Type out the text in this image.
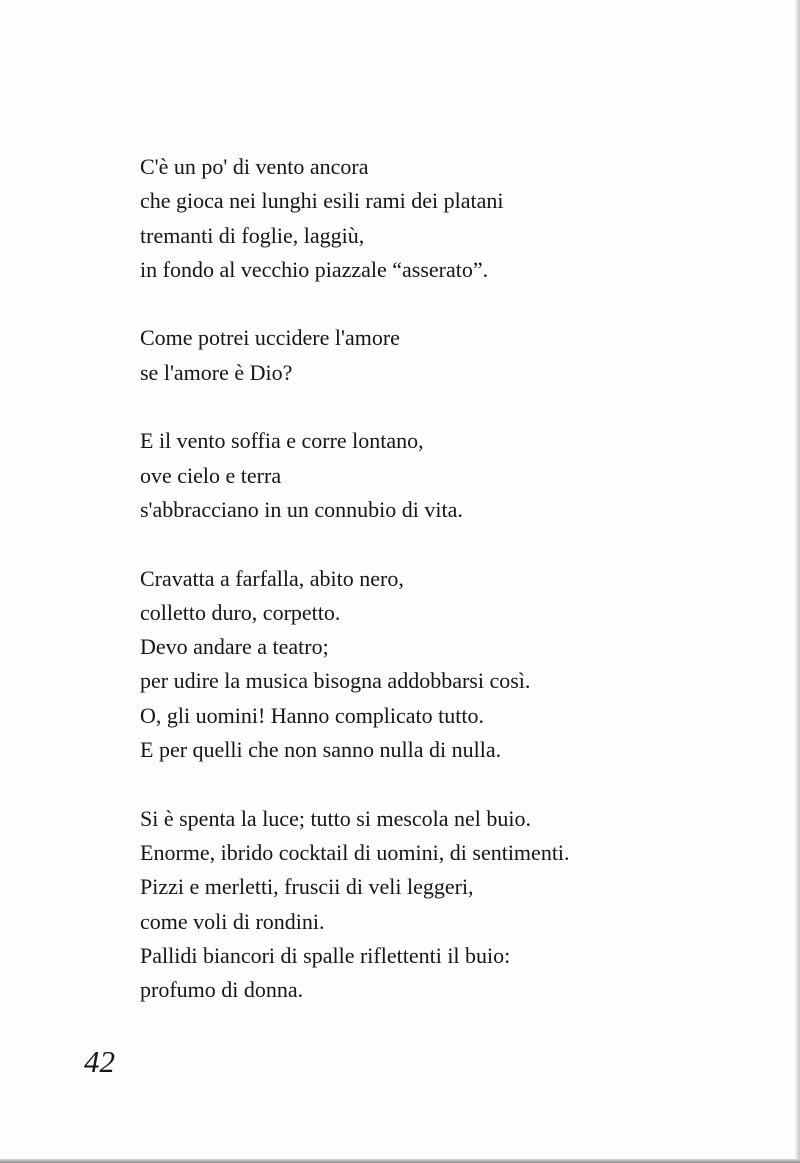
C'è un po' di vento ancora
che gioca nei lunghi esili rami dei platani
tremanti di foglie, laggiù,
in fondo al vecchio piazzale “asserato”.
Come potrei uccidere l'amore
se l'amore è Dio?
E il vento soffia e corre lontano,
ove cielo e terra
s'abbracciano in un connubio di vita.
Cravatta a farfalla, abito nero,
colletto duro, corpetto.
Devo andare a teatro;
per udire la musica bisogna addobbarsi così.
O, gli uomini! Hanno complicato tutto.
E per quelli che non sanno nulla di nulla.
Si è spenta la luce; tutto si mescola nel buio.
Enorme, ibrido cocktail di uomini, di sentimenti.
Pizzi e merletti, fruscii di veli leggeri,
come voli di rondini.
Pallidi biancori di spalle riflettenti il buio:
profumo di donna.
42
